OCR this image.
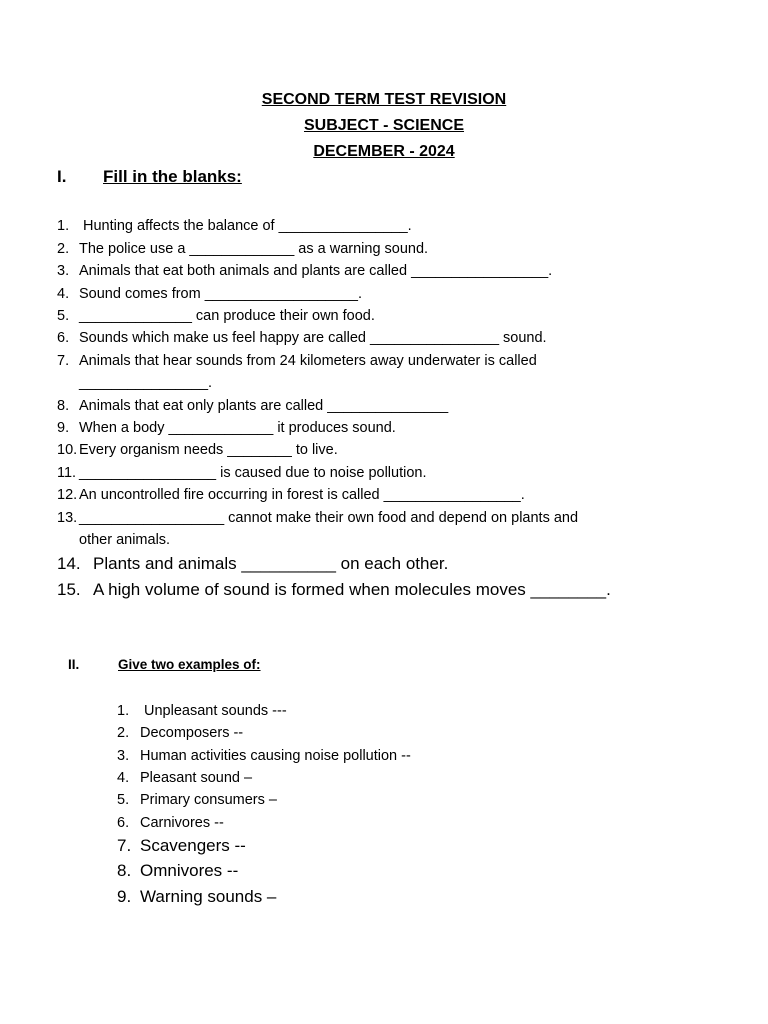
SECOND TERM TEST REVISION

SUBJECT - SCIENCE

DECEMBER - 2024

I. Fill in the blanks:

1. Hunting affects the balance of ________________.

2. The police use a _____________ as a warning sound.

3. Animals that eat both animals and plants are called _________________.

4. Sound comes from ___________________.

5. ______________ can produce their own food.

6. Sounds which make us feel happy are called ________________ sound.

7. Animals that hear sounds from 24 kilometers away underwater is called

________________.

8. Animals that eat only plants are called _______________

9. When a body _____________ it produces sound.

10. Every organism needs ________ to live.

11. _________________ is caused due to noise pollution.

12. An uncontrolled fire occurring in forest is called _________________.

13. __________________ cannot make their own food and depend on plants and

other animals.

14. Plants and animals __________ on each other.

15. A high volume of sound is formed when molecules moves ________.

II.	Give two examples of:

1. Unpleasant sounds ---

2. Decomposers --

3. Human activities causing noise pollution --

4. Pleasant sound –

5. Primary consumers –

6. Carnivores --

7. Scavengers --

8. Omnivores --

9. Warning sounds –
